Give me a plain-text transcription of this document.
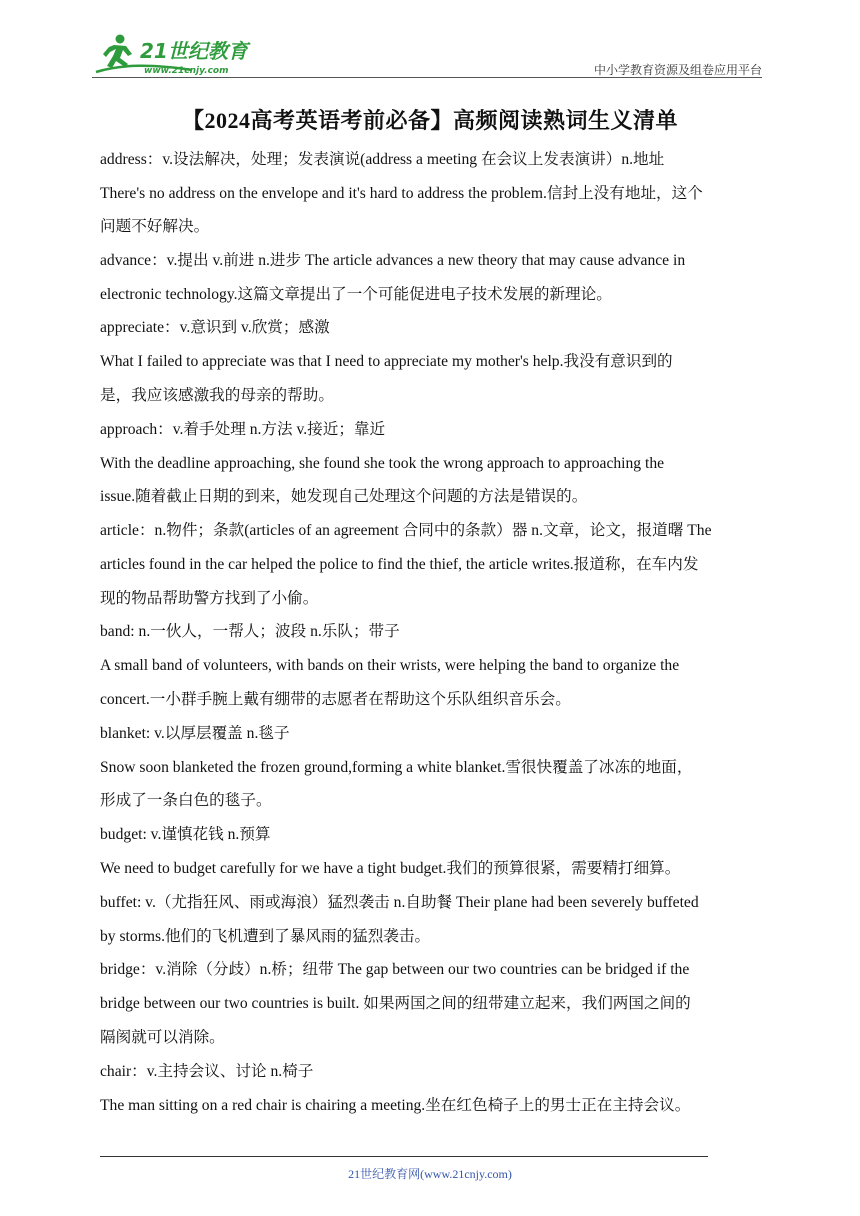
21世纪教育
www.21cnjy.com	中小学教育资源及组卷应用平台
【2024高考英语考前必备】高频阅读熟词生义清单
address：v.设法解决，处理；发表演说(address a meeting 在会议上发表演讲）n.地址
There's no address on the envelope and it's hard to address the problem.信封上没有地址，这个
问题不好解决。
advance：v.提出 v.前进 n.进步 The article advances a new theory that may cause advance in
electronic technology.这篇文章提出了一个可能促进电子技术发展的新理论。
appreciate：v.意识到 v.欣赏；感激
What I failed to appreciate was that I need to appreciate my mother's help.我没有意识到的
是，我应该感激我的母亲的帮助。
approach：v.着手处理 n.方法 v.接近；靠近
With the deadline approaching, she found she took the wrong approach to approaching the
issue.随着截止日期的到来，她发现自己处理这个问题的方法是错误的。
article：n.物件；条款(articles of an agreement 合同中的条款）器 n.文章，论文，报道曙 The
articles found in the car helped the police to find the thief, the article writes.报道称，在车内发
现的物品帮助警方找到了小偷。
band: n.一伙人，一帮人；波段 n.乐队；带子
A small band of volunteers, with bands on their wrists, were helping the band to organize the
concert.一小群手腕上戴有绷带的志愿者在帮助这个乐队组织音乐会。
blanket: v.以厚层覆盖 n.毯子
Snow soon blanketed the frozen ground,forming a white blanket.雪很快覆盖了冰冻的地面，
形成了一条白色的毯子。
budget: v.谨慎花钱 n.预算
We need to budget carefully for we have a tight budget.我们的预算很紧，需要精打细算。
buffet: v.（尤指狂风、雨或海浪）猛烈袭击 n.自助餐 Their plane had been severely buffeted
by storms.他们的飞机遭到了暴风雨的猛烈袭击。
bridge：v.消除（分歧）n.桥；纽带 The gap between our two countries can be bridged if the
bridge between our two countries is built. 如果两国之间的纽带建立起来，我们两国之间的
隔阂就可以消除。
chair：v.主持会议、讨论 n.椅子
The man sitting on a red chair is chairing a meeting.坐在红色椅子上的男士正在主持会议。
21世纪教育网(www.21cnjy.com)
